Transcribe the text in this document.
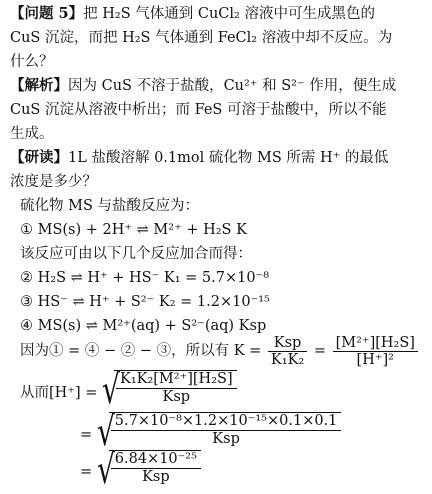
【问题 5】把 H₂S 气体通到 CuCl₂ 溶液中可生成黑色的
CuS 沉淀，而把 H₂S 气体通到 FeCl₂ 溶液中却不反应。为
什么？
【解析】因为 CuS 不溶于盐酸，Cu²⁺ 和 S²⁻ 作用，便生成
CuS 沉淀从溶液中析出；而 FeS 可溶于盐酸中，所以不能
生成。
【研读】1L 盐酸溶解 0.1mol 硫化物 MS 所需 H⁺ 的最低
浓度是多少？
硫化物 MS 与盐酸反应为：
① MS(s) + 2H⁺ ⇌ M²⁺ + H₂S K
该反应可由以下几个反应加合而得：
② H₂S ⇌ H⁺ + HS⁻ K₁ = 5.7×10⁻⁸
③ HS⁻ ⇌ H⁺ + S²⁻ K₂ = 1.2×10⁻¹⁵
④ MS(s) ⇌ M²⁺(aq) + S²⁻(aq) Ksp
因为① = ④ − ② − ③，所以有 $K = \frac{\text{Ksp}}{\text{K₁K₂}} = \frac{\text{[M²⁺][H₂S]}}{\text{[H⁺]²}}$
从而[H⁺] = √
$\frac{\text{K₁K₂[M²⁺][H₂S]}}{\text{Ksp}}$
= √
$\frac{\text{5.7×10⁻⁸×1.2×10⁻¹⁵×0.1×0.1}}{\text{Ksp}}$
= √
$\frac{\text{6.84×10⁻²⁵}}{\text{Ksp}}$
